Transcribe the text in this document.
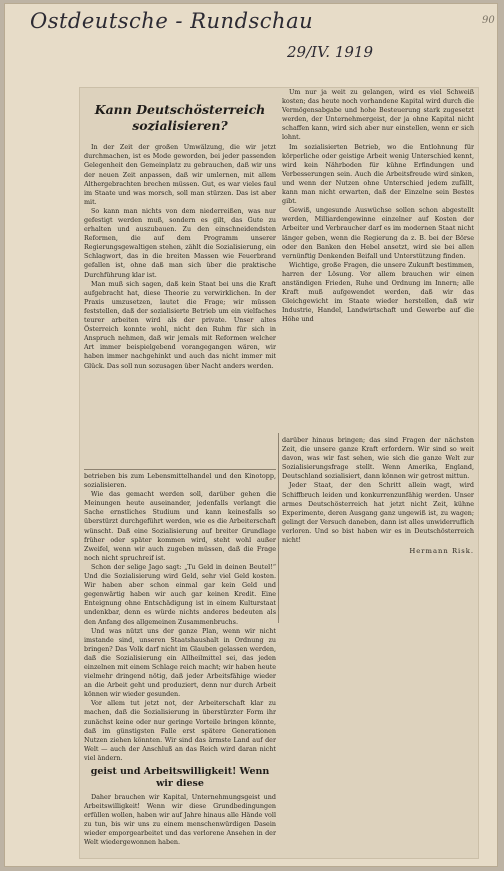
Ostdeutsche - Rundschau
29/IV. 1919
90
Kann Deutschösterreich sozialisieren?

In der Zeit der großen Umwälzung, die wir jetzt durchmachen, ist es Mode geworden, bei jeder passenden Gelegenheit den Gemeinplatz zu gebrauchen, daß wir uns der neuen Zeit anpassen, daß wir umlernen, mit allem Althergebrachten brechen müssen. Gut, es war vieles faul im Staate und was morsch, soll man stürzen. Das ist aber mit.

So kann man nichts von dem niederreißen, was nur gefestigt werden muß, sondern es gilt, das Gute zu erhalten und auszubauen. Zu den einschneidendsten Reformen, die auf dem Programm unserer Regierungsgewaltigen stehen, zählt die Sozialisierung, ein Schlagwort, das in die breiten Massen wie Feuerbrand gefallen ist, ohne daß man sich über die praktische Durchführung klar ist.

Man muß sich sagen, daß kein Staat bei uns die Kraft aufgebracht hat, diese Theorie zu verwirklichen. In der Praxis umzusetzen, lautet die Frage; wir müssen feststellen, daß der sozialisierte Betrieb um ein vielfaches teurer arbeiten wird als der private. Unser altes Österreich konnte wohl, nicht den Ruhm für sich in Anspruch nehmen, daß wir jemals mit Reformen welcher Art immer beispielgebend vorangegangen wären, wir haben immer nachgehinkt und auch das nicht immer mit Glück. Das soll nun sozusagen über Nacht anders werden.

Um nur ja weit zu gelangen, wird es viel Schweiß kosten; das heute noch vorhandene Kapital wird durch die Vermögensabgabe und hohe Besteuerung stark zugesetzt werden, der Unternehmergeist, der ja ohne Kapital nicht schaffen kann, wird sich aber nur einstellen, wenn er sich lohnt.

Im sozialisierten Betrieb, wo die Entlohnung für körperliche oder geistige Arbeit wenig Unterschied kennt, wird kein Nährboden für kühne Erfindungen und Verbesserungen sein. Auch die Arbeitsfreude wird sinken, und wenn der Nutzen ohne Unterschied jedem zufällt, kann man nicht erwarten, daß der Einzelne sein Bestes gibt.

Gewiß, ungesunde Auswüchse sollen schon abgestellt werden, Milliardengewinne einzelner auf Kosten der Arbeiter und Verbraucher darf es im modernen Staat nicht länger geben, wenn die Regierung da z. B. bei der Börse oder den Banken den Hebel ansetzt, wird sie bei allen vernünftig Denkenden Beifall und Unterstützung finden.

Wichtige, große Fragen, die unsere Zukunft bestimmen, harren der Lösung. Vor allem brauchen wir einen anständigen Frieden, Ruhe und Ordnung im Innern; alle Kraft muß aufgewendet werden, daß wir das Gleichgewicht im Staate wieder herstellen, daß wir Industrie, Handel, Landwirtschaft und Gewerbe auf die Höhe und

betrieben bis zum Lebensmittelhandel und den Kinotopp, sozialisieren.

Wie das gemacht werden soll, darüber gehen die Meinungen heute auseinander, jedenfalls verlangt die Sache ernstliches Studium und kann keinesfalls so überstürzt durchgeführt werden, wie es die Arbeiterschaft wünscht. Daß eine Sozialisierung auf breiter Grundlage früher oder später kommen wird, steht wohl außer Zweifel, wenn wir auch zugeben müssen, daß die Frage noch nicht spruchreif ist.

Schon der selige Jago sagt: „Tu Geld in deinen Beutel!“ Und die Sozialisierung wird Geld, sehr viel Geld kosten. Wir haben aber schon einmal gar kein Geld und gegenwärtig haben wir auch gar keinen Kredit. Eine Enteignung ohne Entschädigung ist in einem Kulturstaat undenkbar, denn es würde nichts anderes bedeuten als den Anfang des allgemeinen Zusammenbruchs.

Und was nützt uns der ganze Plan, wenn wir nicht imstande sind, unseren Staatshaushalt in Ordnung zu bringen? Das Volk darf nicht im Glauben gelassen werden, daß die Sozialisierung ein Allheilmittel sei, das jeden einzelnen mit einem Schlage reich macht; wir haben heute vielmehr dringend nötig, daß jeder Arbeitsfähige wieder an die Arbeit geht und produziert, denn nur durch Arbeit können wir wieder gesunden.

Vor allem tut jetzt not, der Arbeiterschaft klar zu machen, daß die Sozialisierung in überstürzter Form ihr zunächst keine oder nur geringe Vorteile bringen könnte, daß im günstigsten Falle erst spätere Generationen Nutzen ziehen könnten. Wir sind das ärmste Land auf der Welt — auch der Anschluß an das Reich wird daran nicht viel ändern.

geist und Arbeitswilligkeit! Wenn wir diese

Daher brauchen wir Kapital, Unternehmungsgeist und Arbeitswilligkeit! Wenn wir diese Grundbedingungen erfüllen wollen, haben wir auf Jahre hinaus alle Hände voll zu tun, bis wir uns zu einem menschenwürdigen Dasein wieder emporgearbeitet und das verlorene Ansehen in der Welt wiedergewonnen haben.

darüber hinaus bringen; das sind Fragen der nächsten Zeit, die unsere ganze Kraft erfordern. Wir sind so weit davon, was wir fast sehen, wie sich die ganze Welt zur Sozialisierungsfrage stellt. Wenn Amerika, England, Deutschland sozialisiert, dann können wir getrost mittun.

Jeder Staat, der den Schritt allein wagt, wird Schiffbruch leiden und konkurrenzunfähig werden. Unser armes Deutschösterreich hat jetzt nicht Zeit, kühne Experimente, deren Ausgang ganz ungewiß ist, zu wagen; gelingt der Versuch daneben, dann ist alles unwiderruflich verloren. Und so bist haben wir es in Deutschösterreich nicht!

Hermann Risk.
